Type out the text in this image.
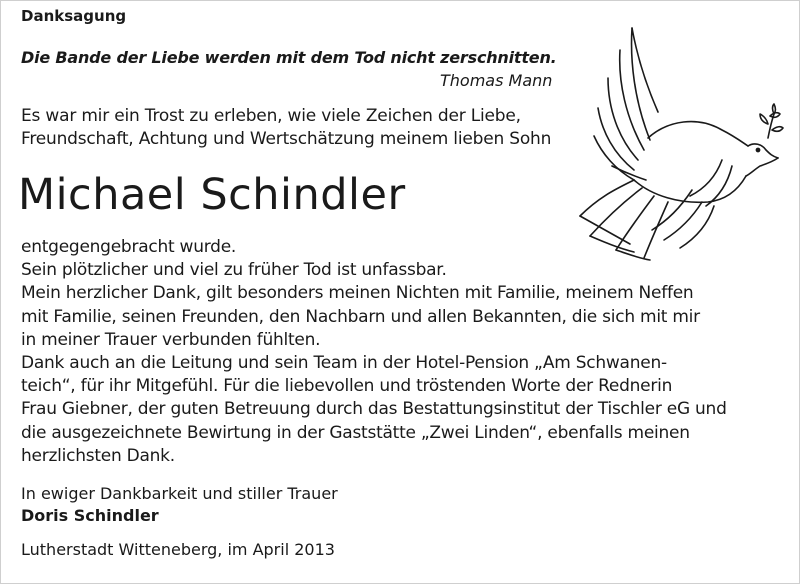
Danksagung
Die Bande der Liebe werden mit dem Tod nicht zerschnitten.
Thomas Mann
Es war mir ein Trost zu erleben, wie viele Zeichen der Liebe,
Freundschaft, Achtung und Wertschätzung meinem lieben Sohn
Michael Schindler
entgegengebracht wurde.
Sein plötzlicher und viel zu früher Tod ist unfassbar.
Mein herzlicher Dank, gilt besonders meinen Nichten mit Familie, meinem Neffen
mit Familie, seinen Freunden, den Nachbarn und allen Bekannten, die sich mit mir
in meiner Trauer verbunden fühlten.
Dank auch an die Leitung und sein Team in der Hotel-Pension „Am Schwanen-
teich“, für ihr Mitgefühl. Für die liebevollen und tröstenden Worte der Rednerin
Frau Giebner, der guten Betreuung durch das Bestattungsinstitut der Tischler eG und
die ausgezeichnete Bewirtung in der Gaststätte „Zwei Linden“, ebenfalls meinen
herzlichsten Dank.
In ewiger Dankbarkeit und stiller Trauer
Doris Schindler
Lutherstadt Witteneberg, im April 2013
